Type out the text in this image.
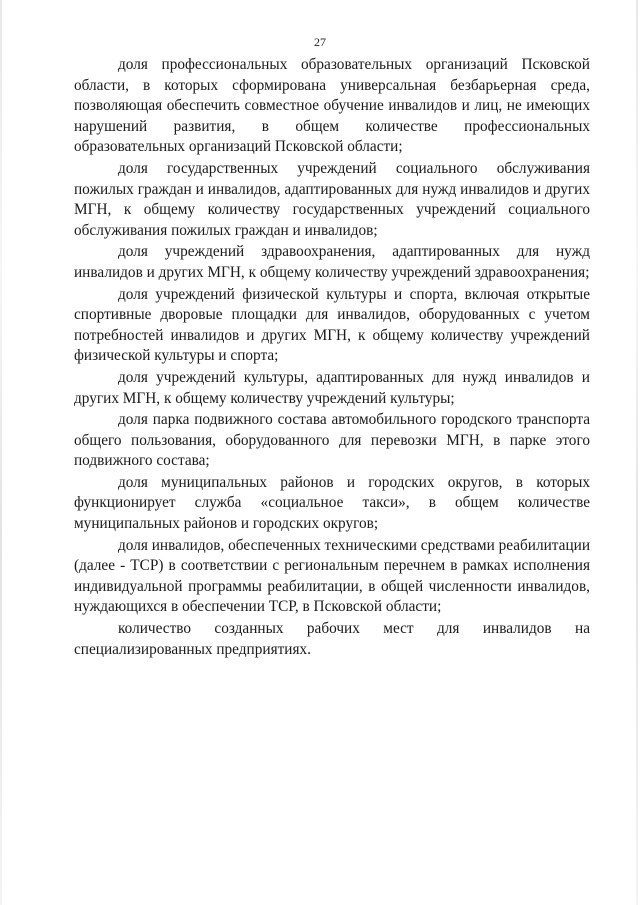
27

доля профессиональных образовательных организаций Псковской области, в которых сформирована универсальная безбарьерная среда, позволяющая обеспечить совместное обучение инвалидов и лиц, не имеющих нарушений развития, в общем количестве профессиональных образовательных организаций Псковской области;

доля государственных учреждений социального обслуживания пожилых граждан и инвалидов, адаптированных для нужд инвалидов и других МГН, к общему количеству государственных учреждений социального обслуживания пожилых граждан и инвалидов;

доля учреждений здравоохранения, адаптированных для нужд инвалидов и других МГН, к общему количеству учреждений здравоохранения;

доля учреждений физической культуры и спорта, включая открытые спортивные дворовые площадки для инвалидов, оборудованных с учетом потребностей инвалидов и других МГН, к общему количеству учреждений физической культуры и спорта;

доля учреждений культуры, адаптированных для нужд инвалидов и других МГН, к общему количеству учреждений культуры;

доля парка подвижного состава автомобильного городского транспорта общего пользования, оборудованного для перевозки МГН, в парке этого подвижного состава;

доля муниципальных районов и городских округов, в которых функционирует служба «социальное такси», в общем количестве муниципальных районов и городских округов;

доля инвалидов, обеспеченных техническими средствами реабилитации (далее - ТСР) в соответствии с региональным перечнем в рамках исполнения индивидуальной программы реабилитации, в общей численности инвалидов, нуждающихся в обеспечении ТСР, в Псковской области;

количество созданных рабочих мест для инвалидов на специализированных предприятиях.
